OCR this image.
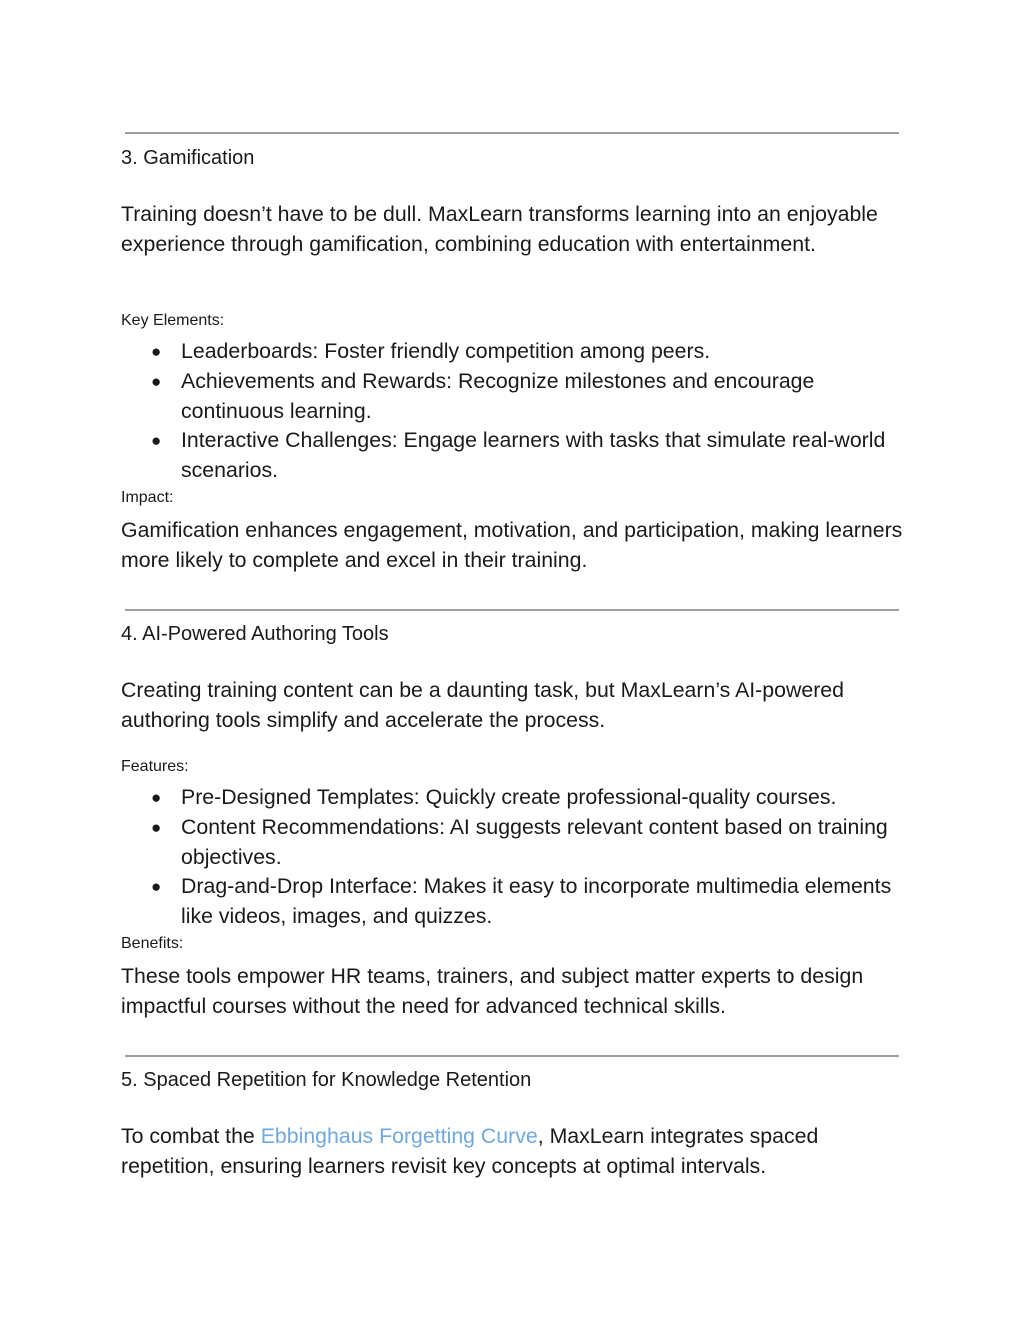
3. Gamification
Training doesn’t have to be dull. MaxLearn transforms learning into an enjoyable experience through gamification, combining education with entertainment.
Key Elements:
● Leaderboards: Foster friendly competition among peers.
● Achievements and Rewards: Recognize milestones and encourage continuous learning.
● Interactive Challenges: Engage learners with tasks that simulate real-world scenarios.
Impact:
Gamification enhances engagement, motivation, and participation, making learners more likely to complete and excel in their training.
4. AI-Powered Authoring Tools
Creating training content can be a daunting task, but MaxLearn’s AI-powered authoring tools simplify and accelerate the process.
Features:
● Pre-Designed Templates: Quickly create professional-quality courses.
● Content Recommendations: AI suggests relevant content based on training objectives.
● Drag-and-Drop Interface: Makes it easy to incorporate multimedia elements like videos, images, and quizzes.
Benefits:
These tools empower HR teams, trainers, and subject matter experts to design impactful courses without the need for advanced technical skills.
5. Spaced Repetition for Knowledge Retention
To combat the Ebbinghaus Forgetting Curve, MaxLearn integrates spaced repetition, ensuring learners revisit key concepts at optimal intervals.
